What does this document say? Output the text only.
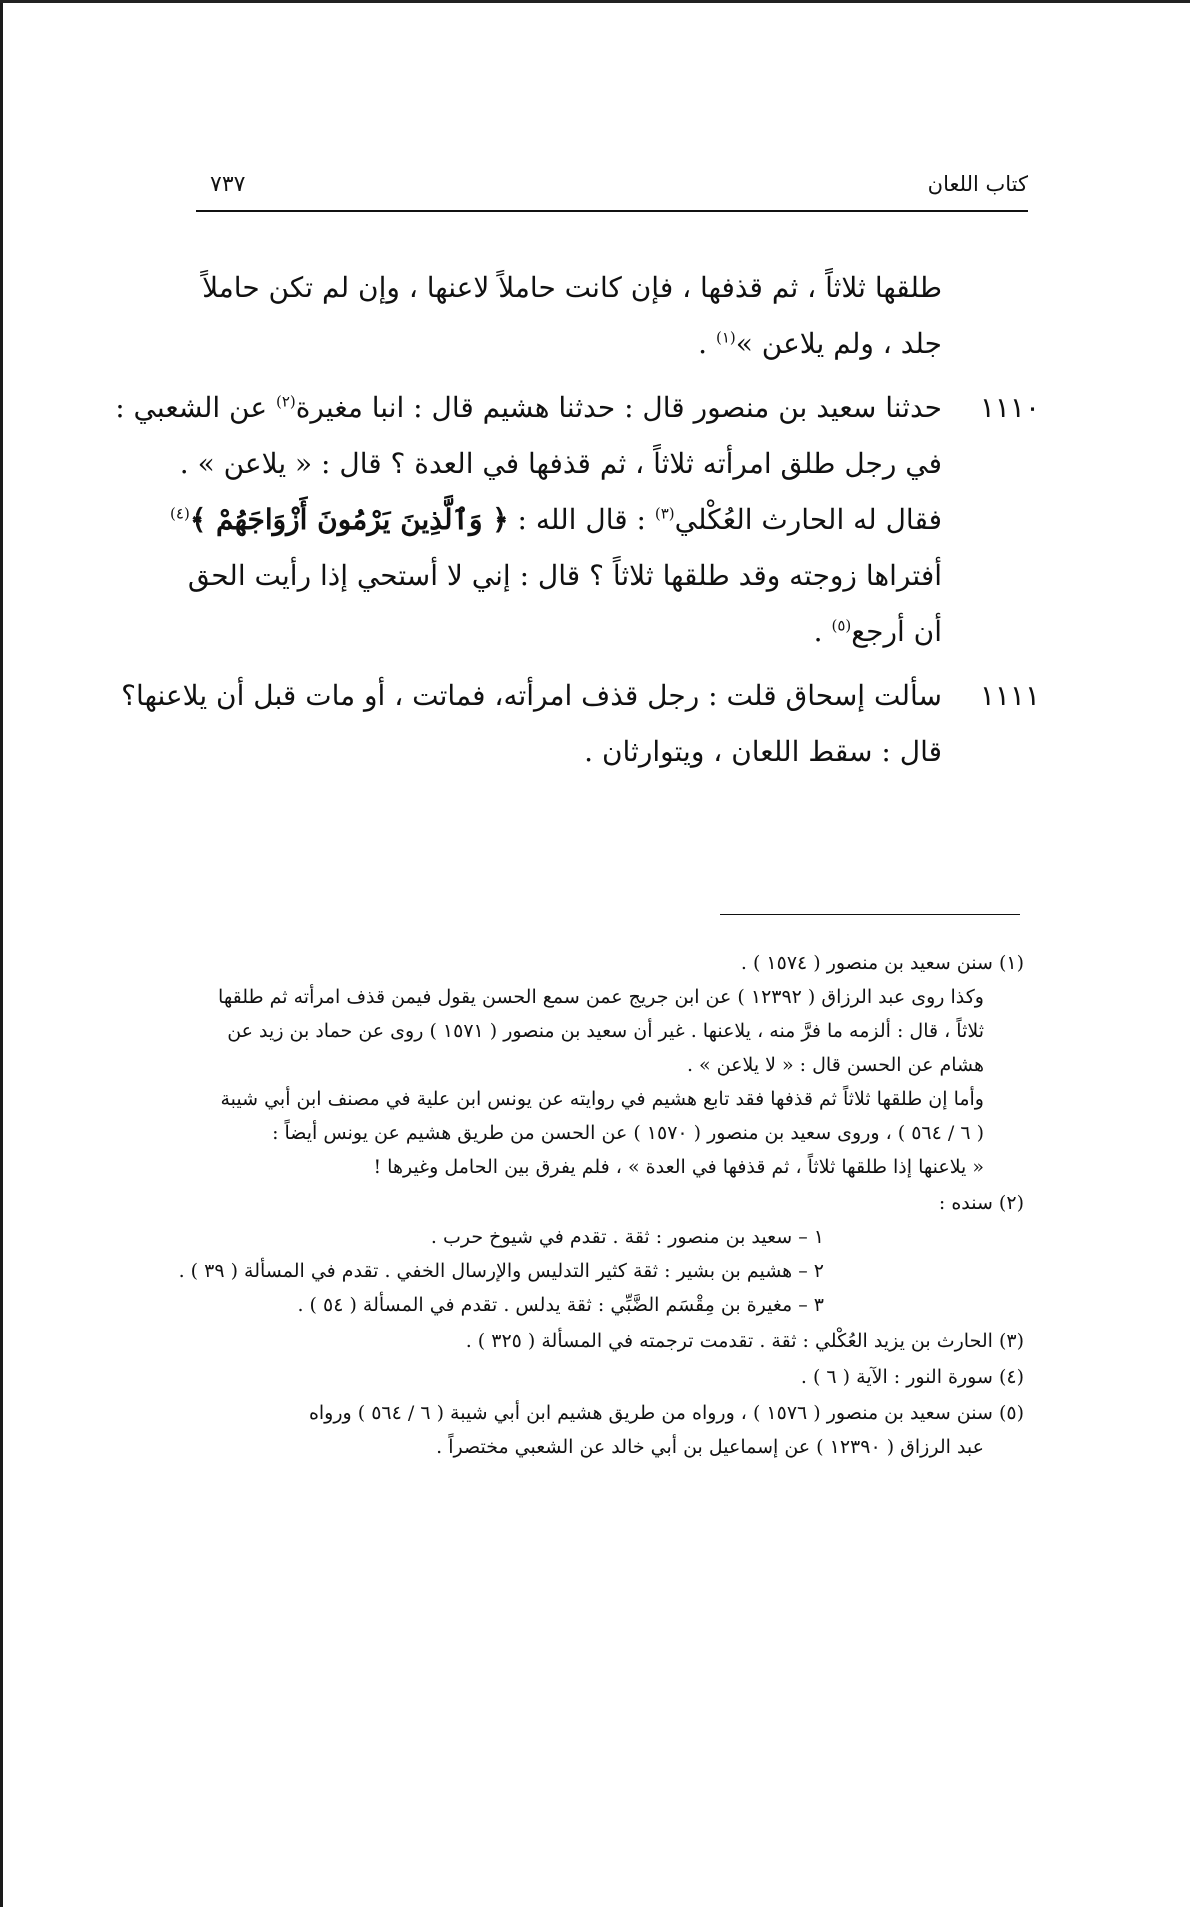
كتاب اللعان
٧٣٧

طلقها ثلاثاً ، ثم قذفها ، فإن كانت حاملاً لاعنها ، وإن لم تكن حاملاً
جلد ، ولم يلاعن »$^{(١)}$ .

١١١٠
حدثنا سعيد بن منصور قال : حدثنا هشيم قال : انبا مغيرة$^{(٢)}$ عن الشعبي :
في رجل طلق امرأته ثلاثاً ، ثم قذفها في العدة ؟ قال : « يلاعن » .
فقال له الحارث العُكْلي$^{(٣)}$ : قال الله : ﴿ وَٱلَّذِينَ يَرْمُونَ أَزْوَاجَهُمْ ﴾$^{(٤)}$
أفتراها زوجته وقد طلقها ثلاثاً ؟ قال : إني لا أستحي إذا رأيت الحق
أن أرجع$^{(٥)}$ .

١١١١
سألت إسحاق قلت : رجل قذف امرأته، فماتت ، أو مات قبل أن يلاعنها؟
قال : سقط اللعان ، ويتوارثان .

(١) سنن سعيد بن منصور ( ١٥٧٤ ) .
وكذا روى عبد الرزاق ( ١٢٣٩٢ ) عن ابن جريج عمن سمع الحسن يقول فيمن قذف امرأته ثم طلقها
ثلاثاً ، قال : ألزمه ما فرَّ منه ، يلاعنها . غير أن سعيد بن منصور ( ١٥٧١ ) روى عن حماد بن زيد عن
هشام عن الحسن قال : « لا يلاعن » .
وأما إن طلقها ثلاثاً ثم قذفها فقد تابع هشيم في روايته عن يونس ابن علية في مصنف ابن أبي شيبة
( ٦ / ٥٦٤ ) ، وروى سعيد بن منصور ( ١٥٧٠ ) عن الحسن من طريق هشيم عن يونس أيضاً :
« يلاعنها إذا طلقها ثلاثاً ، ثم قذفها في العدة » ، فلم يفرق بين الحامل وغيرها !
(٢) سنده :
١ – سعيد بن منصور : ثقة . تقدم في شيوخ حرب .
٢ – هشيم بن بشير : ثقة كثير التدليس والإرسال الخفي . تقدم في المسألة ( ٣٩ ) .
٣ – مغيرة بن مِقْسَم الضَّبِّي : ثقة يدلس . تقدم في المسألة ( ٥٤ ) .
(٣) الحارث بن يزيد العُكْلي : ثقة . تقدمت ترجمته في المسألة ( ٣٢٥ ) .
(٤) سورة النور : الآية ( ٦ ) .
(٥) سنن سعيد بن منصور ( ١٥٧٦ ) ، ورواه من طريق هشيم ابن أبي شيبة ( ٦ / ٥٦٤ ) ورواه
عبد الرزاق ( ١٢٣٩٠ ) عن إسماعيل بن أبي خالد عن الشعبي مختصراً .
